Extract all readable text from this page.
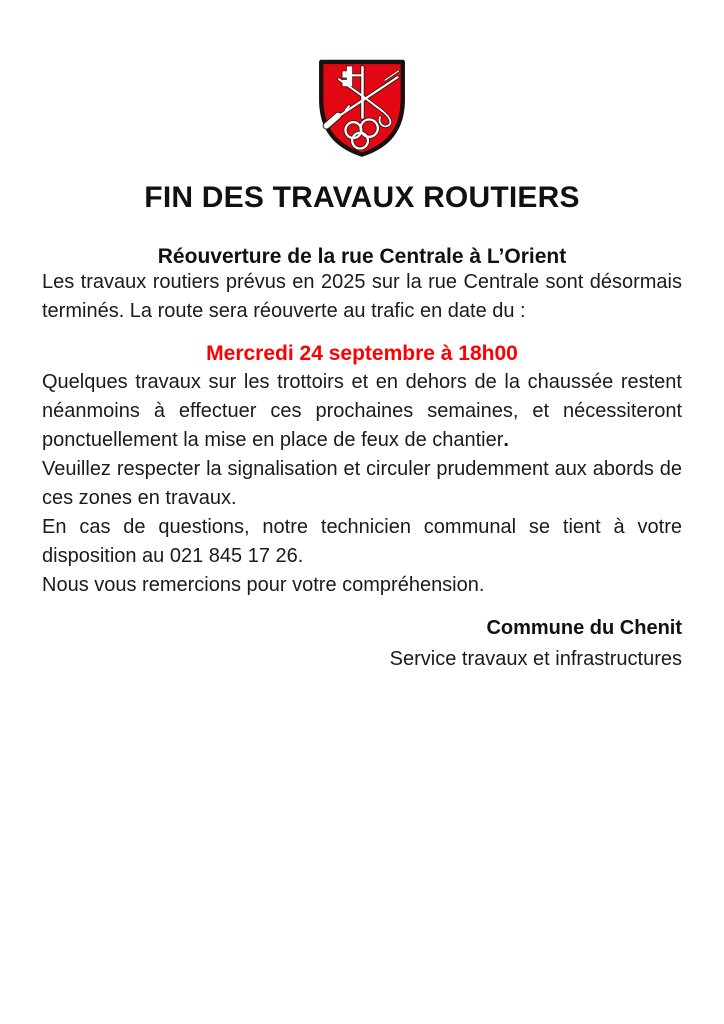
FIN DES TRAVAUX ROUTIERS
Réouverture de la rue Centrale à L’Orient

Les travaux routiers prévus en 2025 sur la rue Centrale sont désormais terminés. La route sera réouverte au trafic en date du :

Mercredi 24 septembre à 18h00

Quelques travaux sur les trottoirs et en dehors de la chaussée restent néanmoins à effectuer ces prochaines semaines, et nécessiteront ponctuellement la mise en place de feux de chantier.

Veuillez respecter la signalisation et circuler prudemment aux abords de ces zones en travaux.

En cas de questions, notre technicien communal se tient à votre disposition au 021 845 17 26.

Nous vous remercions pour votre compréhension.

Commune du Chenit

Service travaux et infrastructures
